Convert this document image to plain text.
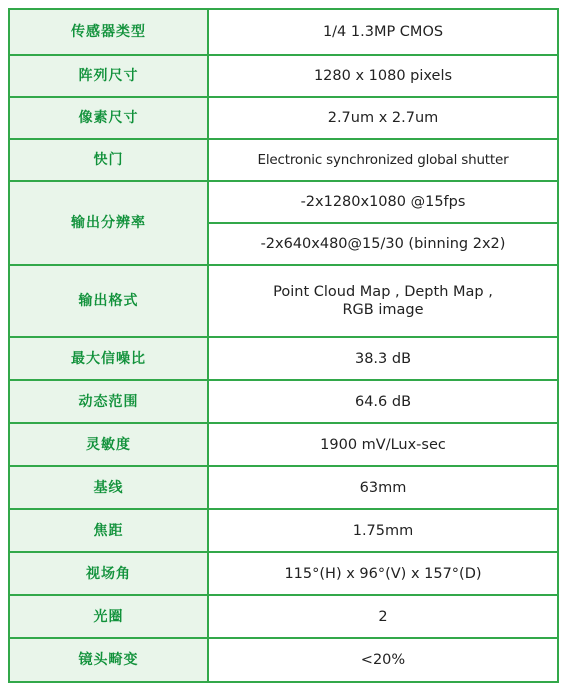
传感器类型	1/4 1.3MP CMOS
阵列尺寸	1280 x 1080 pixels
像素尺寸	2.7um x 2.7um
快门	Electronic synchronized global shutter
输出分辨率	-2x1280x1080 @15fps
	-2x640x480@15/30 (binning 2x2)
输出格式	Point Cloud Map , Depth Map ,
RGB image

最大信噪比	38.3 dB
动态范围	64.6 dB
灵敏度	1900 mV/Lux-sec
基线	63mm
焦距	1.75mm
视场角	115°(H) x 96°(V) x 157°(D)
光圈	2
镜头畸变	<20%
